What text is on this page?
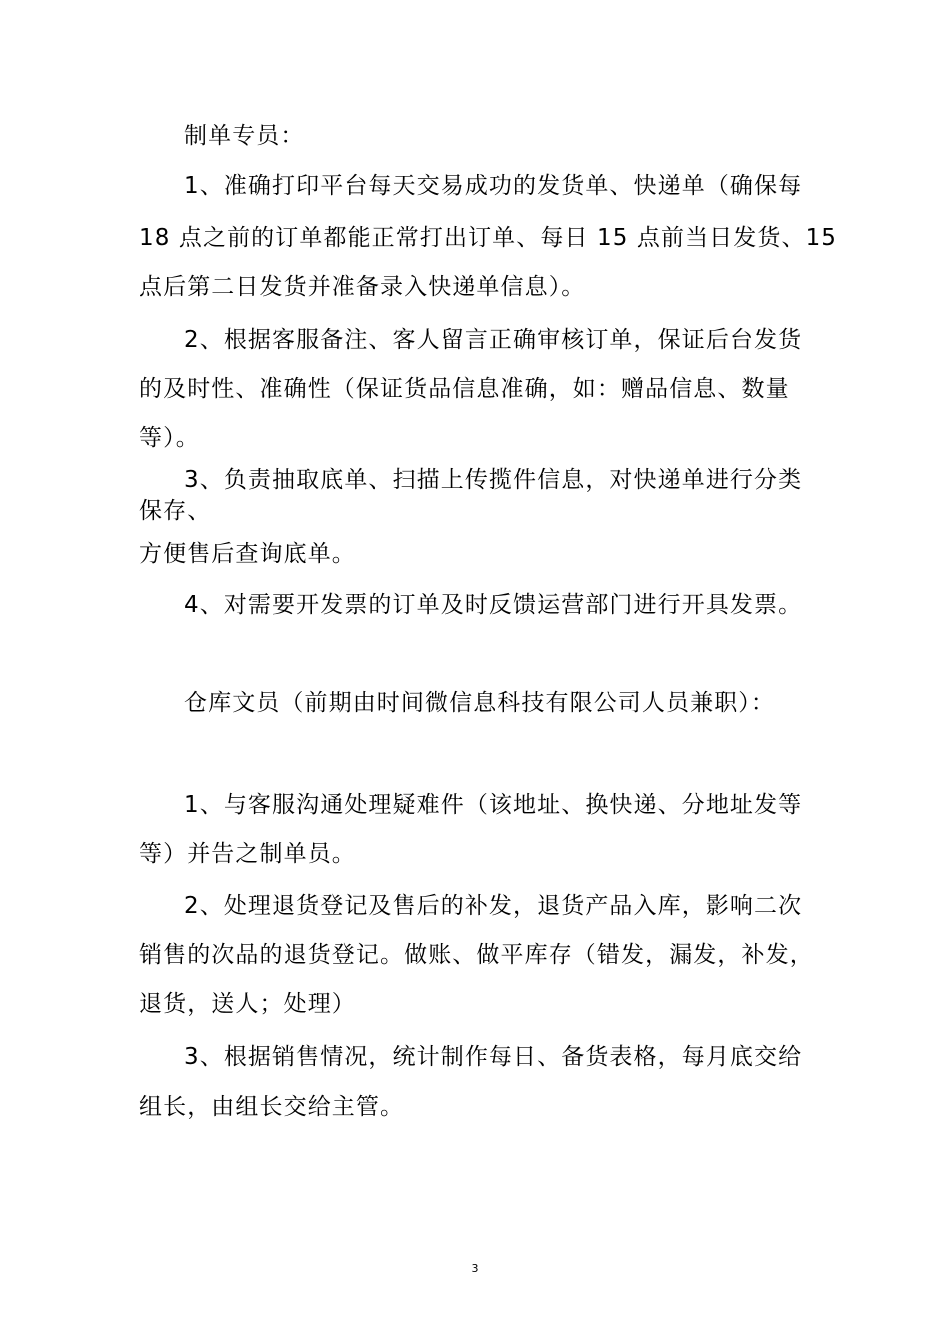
制单专员：
1、准确打印平台每天交易成功的发货单、快递单（确保每
18 点之前的订单都能正常打出订单、每日 15 点前当日发货、15
点后第二日发货并准备录入快递单信息）。
2、根据客服备注、客人留言正确审核订单，保证后台发货
的及时性、准确性（保证货品信息准确，如：赠品信息、数量
等）。
3、负责抽取底单、扫描上传揽件信息，对快递单进行分类
保存、
方便售后查询底单。
4、对需要开发票的订单及时反馈运营部门进行开具发票。
仓库文员（前期由时间微信息科技有限公司人员兼职）：
1、与客服沟通处理疑难件（该地址、换快递、分地址发等
等）并告之制单员。
2、处理退货登记及售后的补发，退货产品入库，影响二次
销售的次品的退货登记。做账、做平库存（错发，漏发，补发，
退货，送人；处理）
3、根据销售情况，统计制作每日、备货表格，每月底交给
组长，由组长交给主管。
3
